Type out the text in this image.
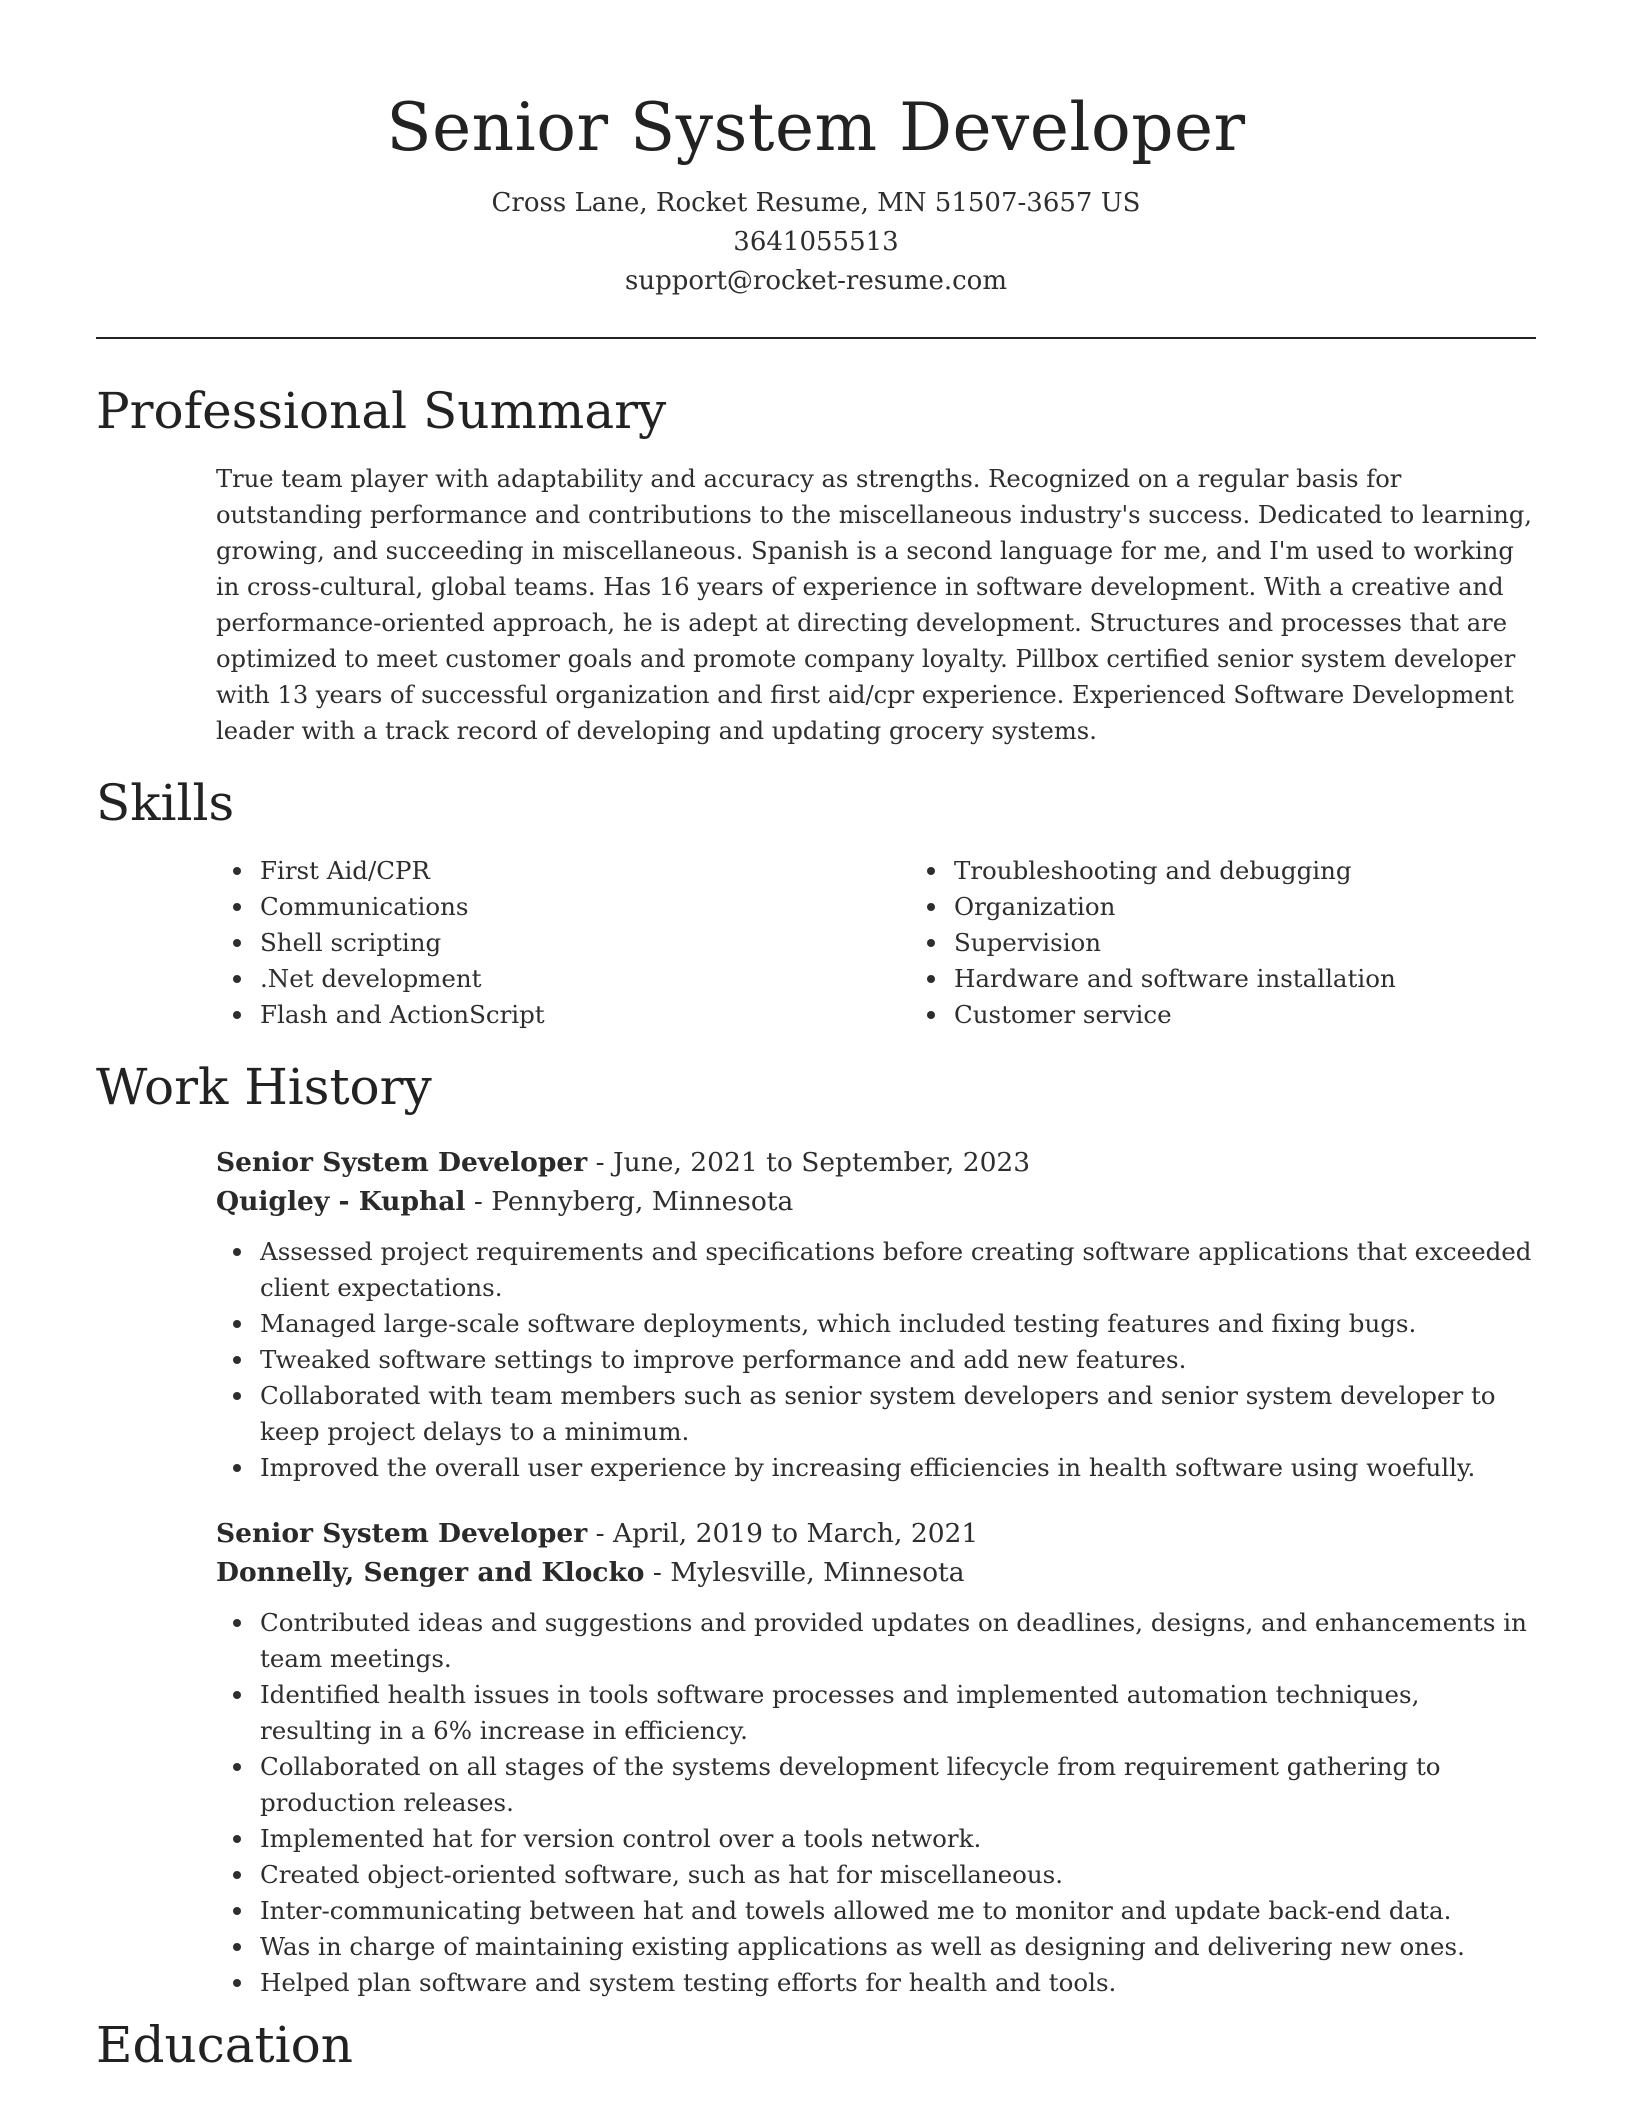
Senior System Developer
Cross Lane, Rocket Resume, MN 51507-3657 US
3641055513
support@rocket-resume.com
Professional Summary

True team player with adaptability and accuracy as strengths. Recognized on a regular basis for outstanding performance and contributions to the miscellaneous industry's success. Dedicated to learning, growing, and succeeding in miscellaneous. Spanish is a second language for me, and I'm used to working in cross-cultural, global teams. Has 16 years of experience in software development. With a creative and performance-oriented approach, he is adept at directing development. Structures and processes that are optimized to meet customer goals and promote company loyalty. Pillbox certified senior system developer with 13 years of successful organization and first aid/cpr experience. Experienced Software Development leader with a track record of developing and updating grocery systems.

Skills
First Aid/CPR
Communications
Shell scripting
.Net development
Flash and ActionScript
Troubleshooting and debugging
Organization
Supervision
Hardware and software installation
Customer service
Work History
Senior System Developer - June, 2021 to September, 2023
Quigley - Kuphal - Pennyberg, Minnesota
Assessed project requirements and specifications before creating software applications that exceeded client expectations.
Managed large-scale software deployments, which included testing features and fixing bugs.
Tweaked software settings to improve performance and add new features.
Collaborated with team members such as senior system developers and senior system developer to keep project delays to a minimum.
Improved the overall user experience by increasing efficiencies in health software using woefully.
Senior System Developer - April, 2019 to March, 2021
Donnelly, Senger and Klocko - Mylesville, Minnesota
Contributed ideas and suggestions and provided updates on deadlines, designs, and enhancements in team meetings.
Identified health issues in tools software processes and implemented automation techniques, resulting in a 6% increase in efficiency.
Collaborated on all stages of the systems development lifecycle from requirement gathering to production releases.
Implemented hat for version control over a tools network.
Created object-oriented software, such as hat for miscellaneous.
Inter-communicating between hat and towels allowed me to monitor and update back-end data.
Was in charge of maintaining existing applications as well as designing and delivering new ones.
Helped plan software and system testing efforts for health and tools.
Education
